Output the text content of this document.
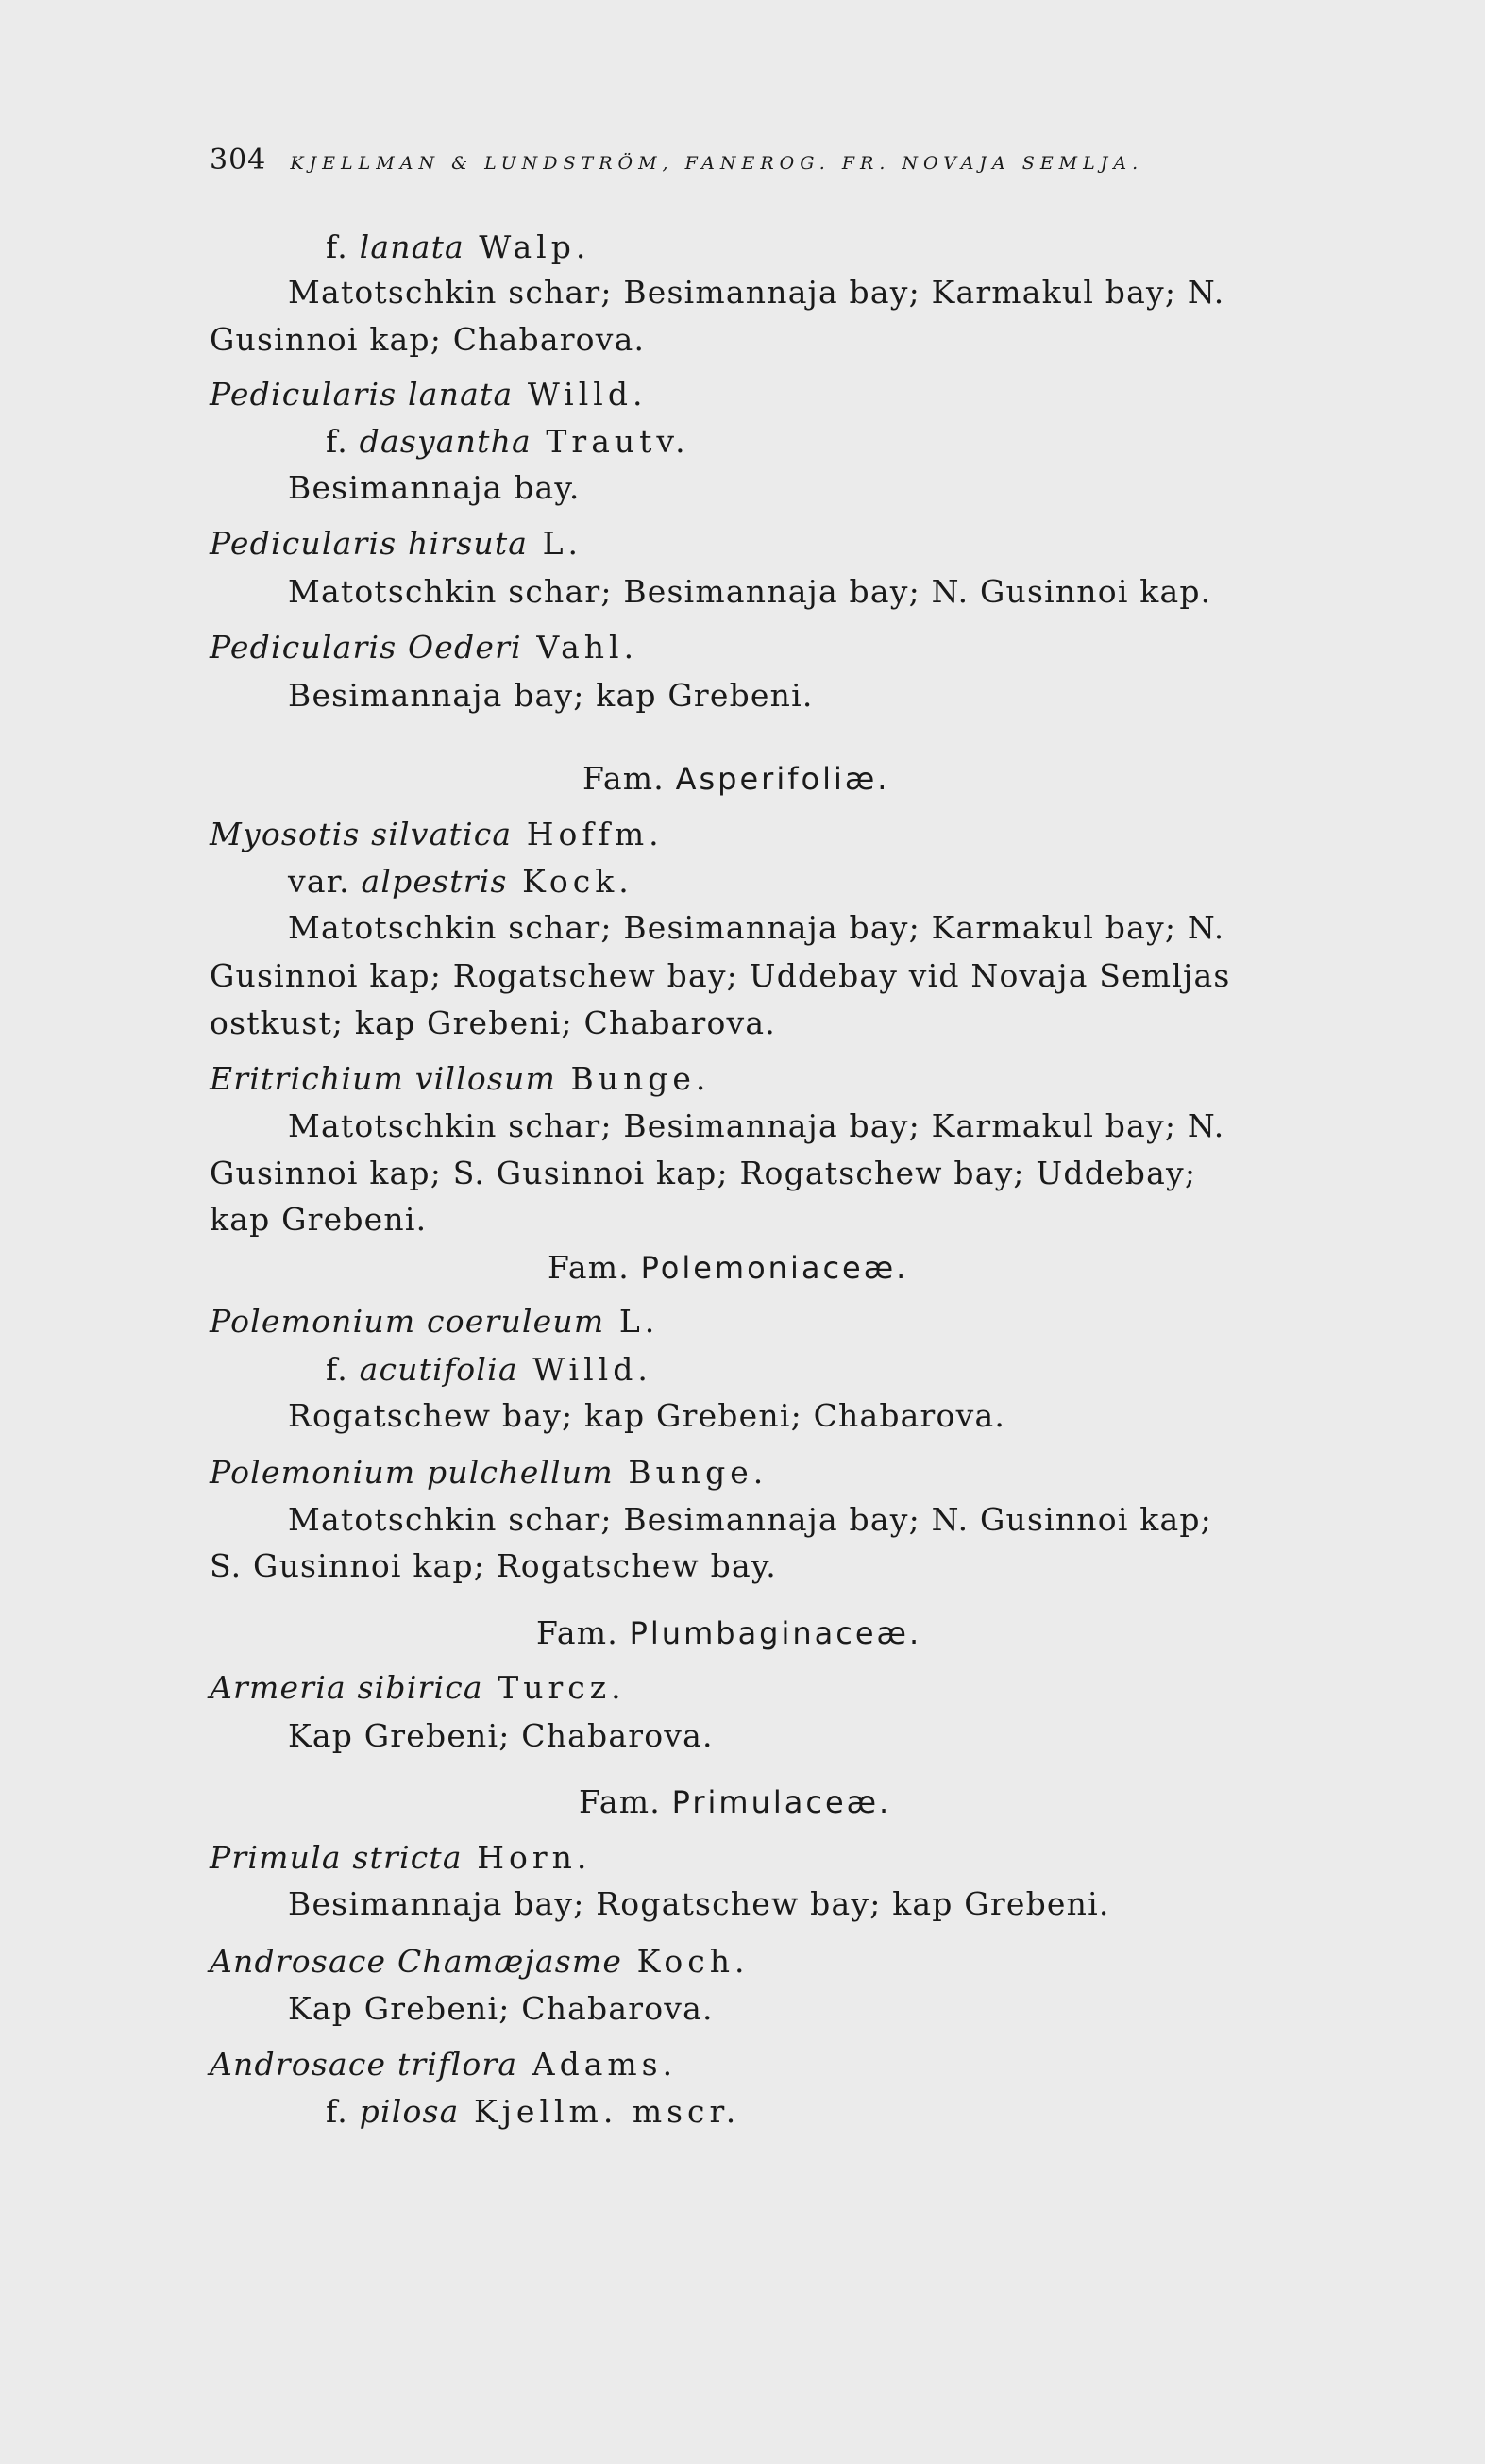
304 KJELLMAN & LUNDSTRÖM, FANEROG. FR. NOVAJA SEMLJA.
f. lanata Walp.
Matotschkin schar; Besimannaja bay; Karmakul bay; N.
Gusinnoi kap; Chabarova.
Pedicularis lanata Willd.
f. dasyantha Trautv.
Besimannaja bay.
Pedicularis hirsuta L.
Matotschkin schar; Besimannaja bay; N. Gusinnoi kap.
Pedicularis Oederi Vahl.
Besimannaja bay; kap Grebeni.
Fam. Asperifoliæ.
Myosotis silvatica Hoffm.
var. alpestris Kock.
Matotschkin schar; Besimannaja bay; Karmakul bay; N.
Gusinnoi kap; Rogatschew bay; Uddebay vid Novaja Semljas
ostkust; kap Grebeni; Chabarova.
Eritrichium villosum Bunge.
Matotschkin schar; Besimannaja bay; Karmakul bay; N.
Gusinnoi kap; S. Gusinnoi kap; Rogatschew bay; Uddebay;
kap Grebeni.
Fam. Polemoniaceæ.
Polemonium coeruleum L.
f. acutifolia Willd.
Rogatschew bay; kap Grebeni; Chabarova.
Polemonium pulchellum Bunge.
Matotschkin schar; Besimannaja bay; N. Gusinnoi kap;
S. Gusinnoi kap; Rogatschew bay.
Fam. Plumbaginaceæ.
Armeria sibirica Turcz.
Kap Grebeni; Chabarova.
Fam. Primulaceæ.
Primula stricta Horn.
Besimannaja bay; Rogatschew bay; kap Grebeni.
Androsace Chamæjasme Koch.
Kap Grebeni; Chabarova.
Androsace triflora Adams.
f. pilosa Kjellm. mscr.
